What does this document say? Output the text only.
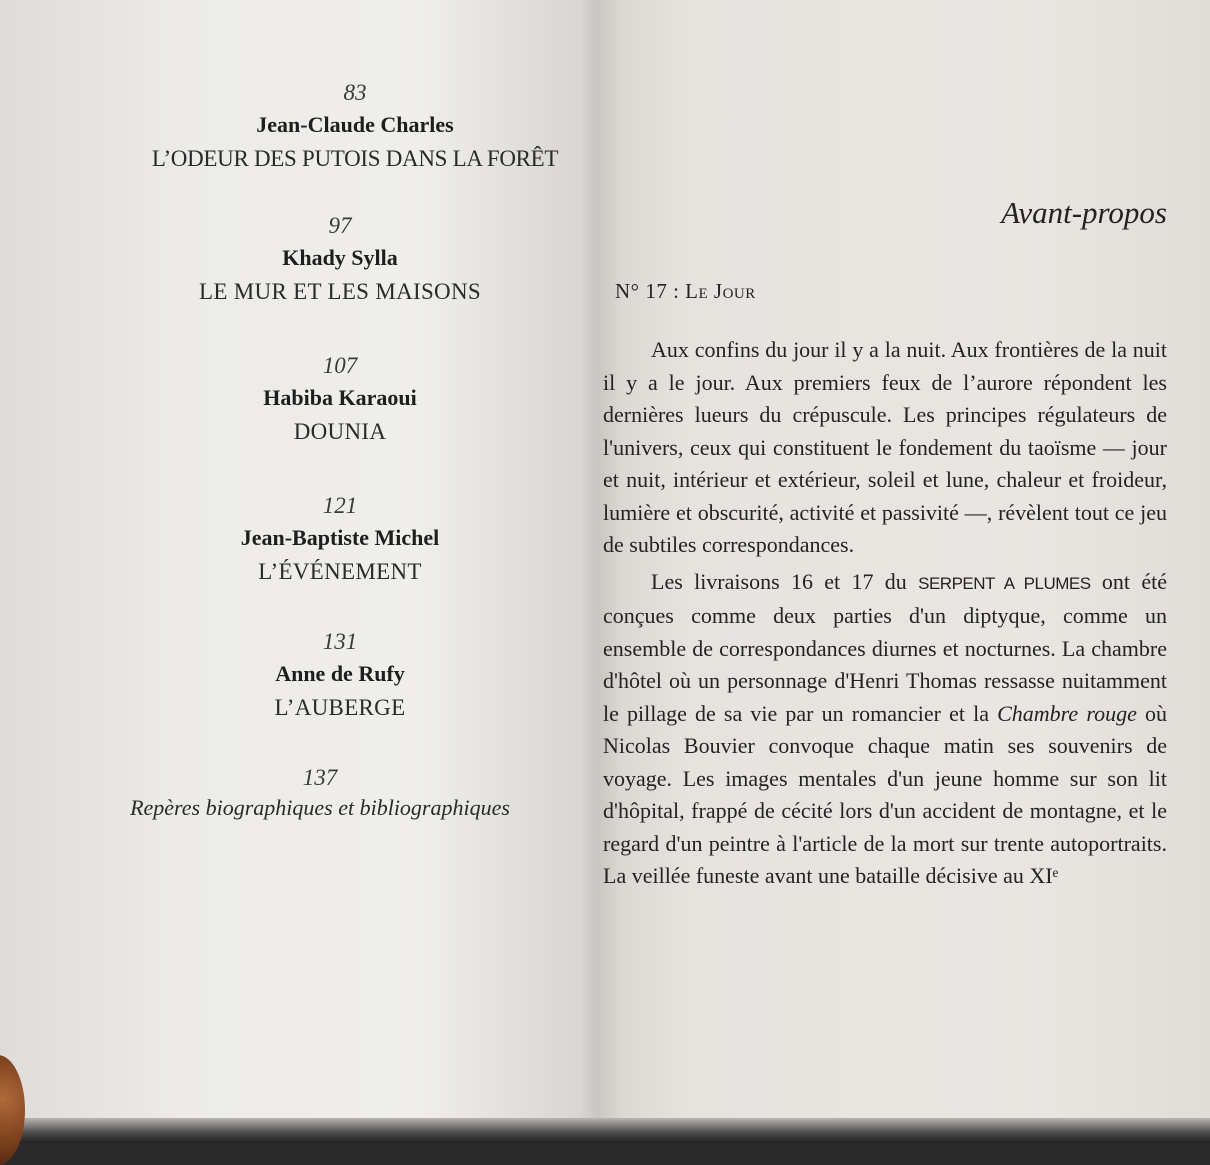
83
Jean-Claude Charles
L’ODEUR DES PUTOIS DANS LA FORÊT
97
Khady Sylla
LE MUR ET LES MAISONS
107
Habiba Karaoui
DOUNIA
121
Jean-Baptiste Michel
L’ÉVÉNEMENT
131
Anne de Rufy
L’AUBERGE
137
Repères biographiques et bibliographiques
Avant-propos
N° 17 : Le Jour

Aux confins du jour il y a la nuit. Aux frontières de la nuit il y a le jour. Aux premiers feux de l’aurore répondent les dernières lueurs du crépuscule. Les principes régulateurs de l'univers, ceux qui constituent le fondement du taoïsme — jour et nuit, intérieur et extérieur, soleil et lune, chaleur et froideur, lumière et obscurité, activité et passivité —, révèlent tout ce jeu de subtiles correspondances.

Les livraisons 16 et 17 du SERPENT A PLUMES ont été conçues comme deux parties d'un diptyque, comme un ensemble de correspondances diurnes et nocturnes. La chambre d'hôtel où un personnage d'Henri Thomas ressasse nuitamment le pillage de sa vie par un romancier et la Chambre rouge où Nicolas Bouvier convoque chaque matin ses souvenirs de voyage. Les images mentales d'un jeune homme sur son lit d'hôpital, frappé de cécité lors d'un accident de montagne, et le regard d'un peintre à l'article de la mort sur trente autoportraits. La veillée funeste avant une bataille décisive au XIᵉ
